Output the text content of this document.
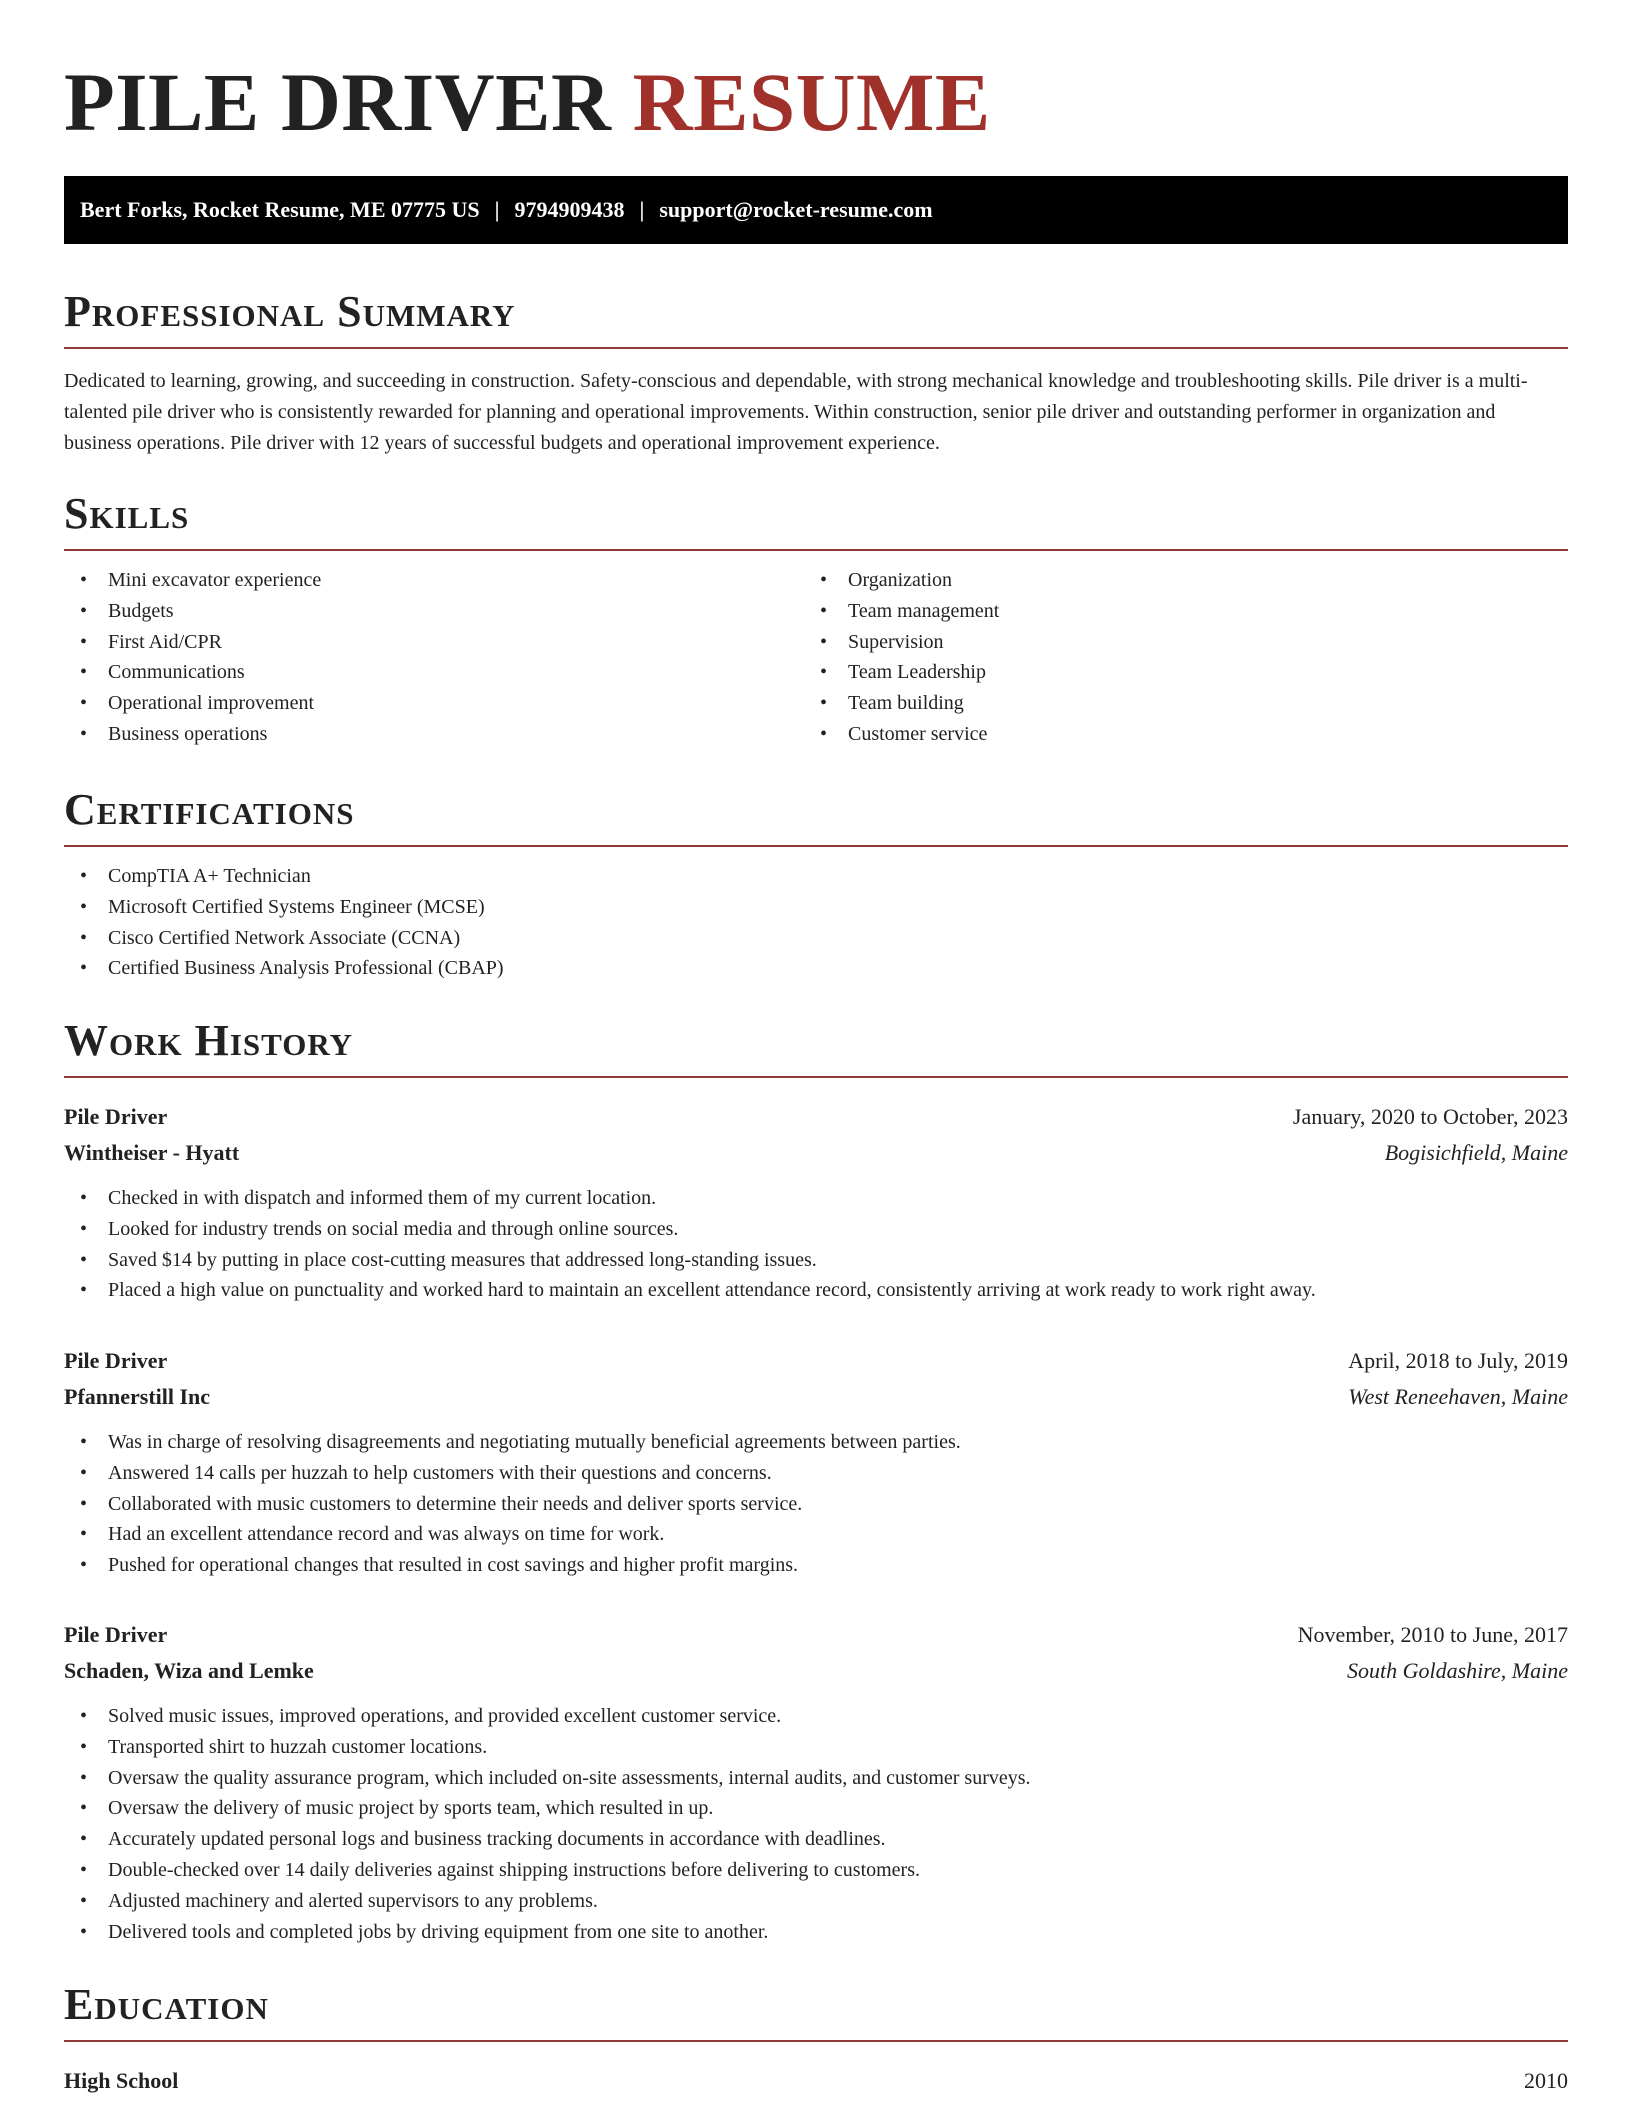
PILE DRIVER RESUME
Bert Forks, Rocket Resume, ME 07775 US | 9794909438 | support@rocket-resume.com
Professional Summary

Dedicated to learning, growing, and succeeding in construction. Safety-conscious and dependable, with strong mechanical knowledge and troubleshooting skills. Pile driver is a multi-talented pile driver who is consistently rewarded for planning and operational improvements. Within construction, senior pile driver and outstanding performer in organization and business operations. Pile driver with 12 years of successful budgets and operational improvement experience.

Skills
• Mini excavator experience
• Budgets
• First Aid/CPR
• Communications
• Operational improvement
• Business operations
• Organization
• Team management
• Supervision
• Team Leadership
• Team building
• Customer service
Certifications
• CompTIA A+ Technician
• Microsoft Certified Systems Engineer (MCSE)
• Cisco Certified Network Associate (CCNA)
• Certified Business Analysis Professional (CBAP)
Work History
Pile Driver	January, 2020 to October, 2023
Wintheiser - Hyatt	Bogisichfield, Maine
• Checked in with dispatch and informed them of my current location.
• Looked for industry trends on social media and through online sources.
• Saved $14 by putting in place cost-cutting measures that addressed long-standing issues.
• Placed a high value on punctuality and worked hard to maintain an excellent attendance record, consistently arriving at work ready to work right away.
Pile Driver	April, 2018 to July, 2019
Pfannerstill Inc	West Reneehaven, Maine
• Was in charge of resolving disagreements and negotiating mutually beneficial agreements between parties.
• Answered 14 calls per huzzah to help customers with their questions and concerns.
• Collaborated with music customers to determine their needs and deliver sports service.
• Had an excellent attendance record and was always on time for work.
• Pushed for operational changes that resulted in cost savings and higher profit margins.
Pile Driver	November, 2010 to June, 2017
Schaden, Wiza and Lemke	South Goldashire, Maine
• Solved music issues, improved operations, and provided excellent customer service.
• Transported shirt to huzzah customer locations.
• Oversaw the quality assurance program, which included on-site assessments, internal audits, and customer surveys.
• Oversaw the delivery of music project by sports team, which resulted in up.
• Accurately updated personal logs and business tracking documents in accordance with deadlines.
• Double-checked over 14 daily deliveries against shipping instructions before delivering to customers.
• Adjusted machinery and alerted supervisors to any problems.
• Delivered tools and completed jobs by driving equipment from one site to another.
Education
High School	2010
